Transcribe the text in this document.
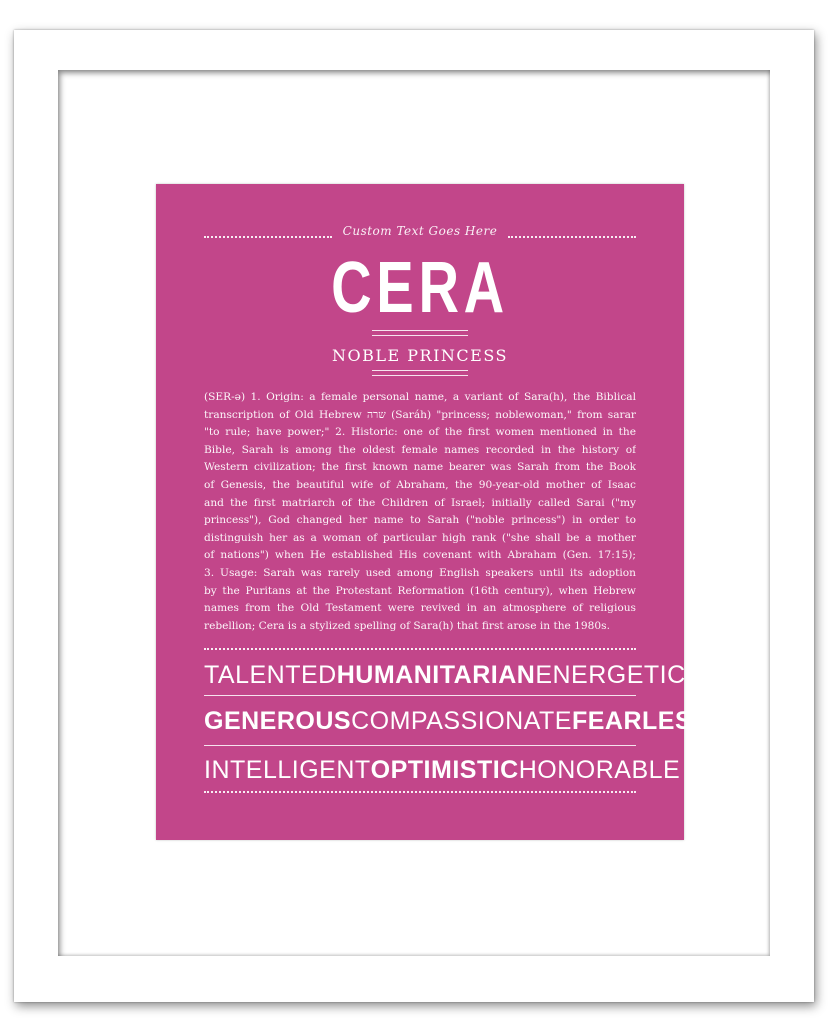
Custom Text Goes Here
CERA
NOBLE PRINCESS
(SER-ə) 1. Origin: a female personal name, a variant of Sara(h), the Biblical
transcription of Old Hebrew שרה (Saráh) "princess; noblewoman," from sarar
"to rule; have power;" 2. Historic: one of the first women mentioned in the
Bible, Sarah is among the oldest female names recorded in the history of
Western civilization; the first known name bearer was Sarah from the Book
of Genesis, the beautiful wife of Abraham, the 90-year-old mother of Isaac
and the first matriarch of the Children of Israel; initially called Sarai ("my
princess"), God changed her name to Sarah ("noble princess") in order to
distinguish her as a woman of particular high rank ("she shall be a mother
of nations") when He established His covenant with Abraham (Gen. 17:15);
3. Usage: Sarah was rarely used among English speakers until its adoption
by the Puritans at the Protestant Reformation (16th century), when Hebrew
names from the Old Testament were revived in an atmosphere of religious
rebellion; Cera is a stylized spelling of Sara(h) that first arose in the 1980s.
TALENTED HUMANITARIAN ENERGETIC
GENEROUS COMPASSIONATE FEARLESS
INTELLIGENT OPTIMISTIC HONORABLE
